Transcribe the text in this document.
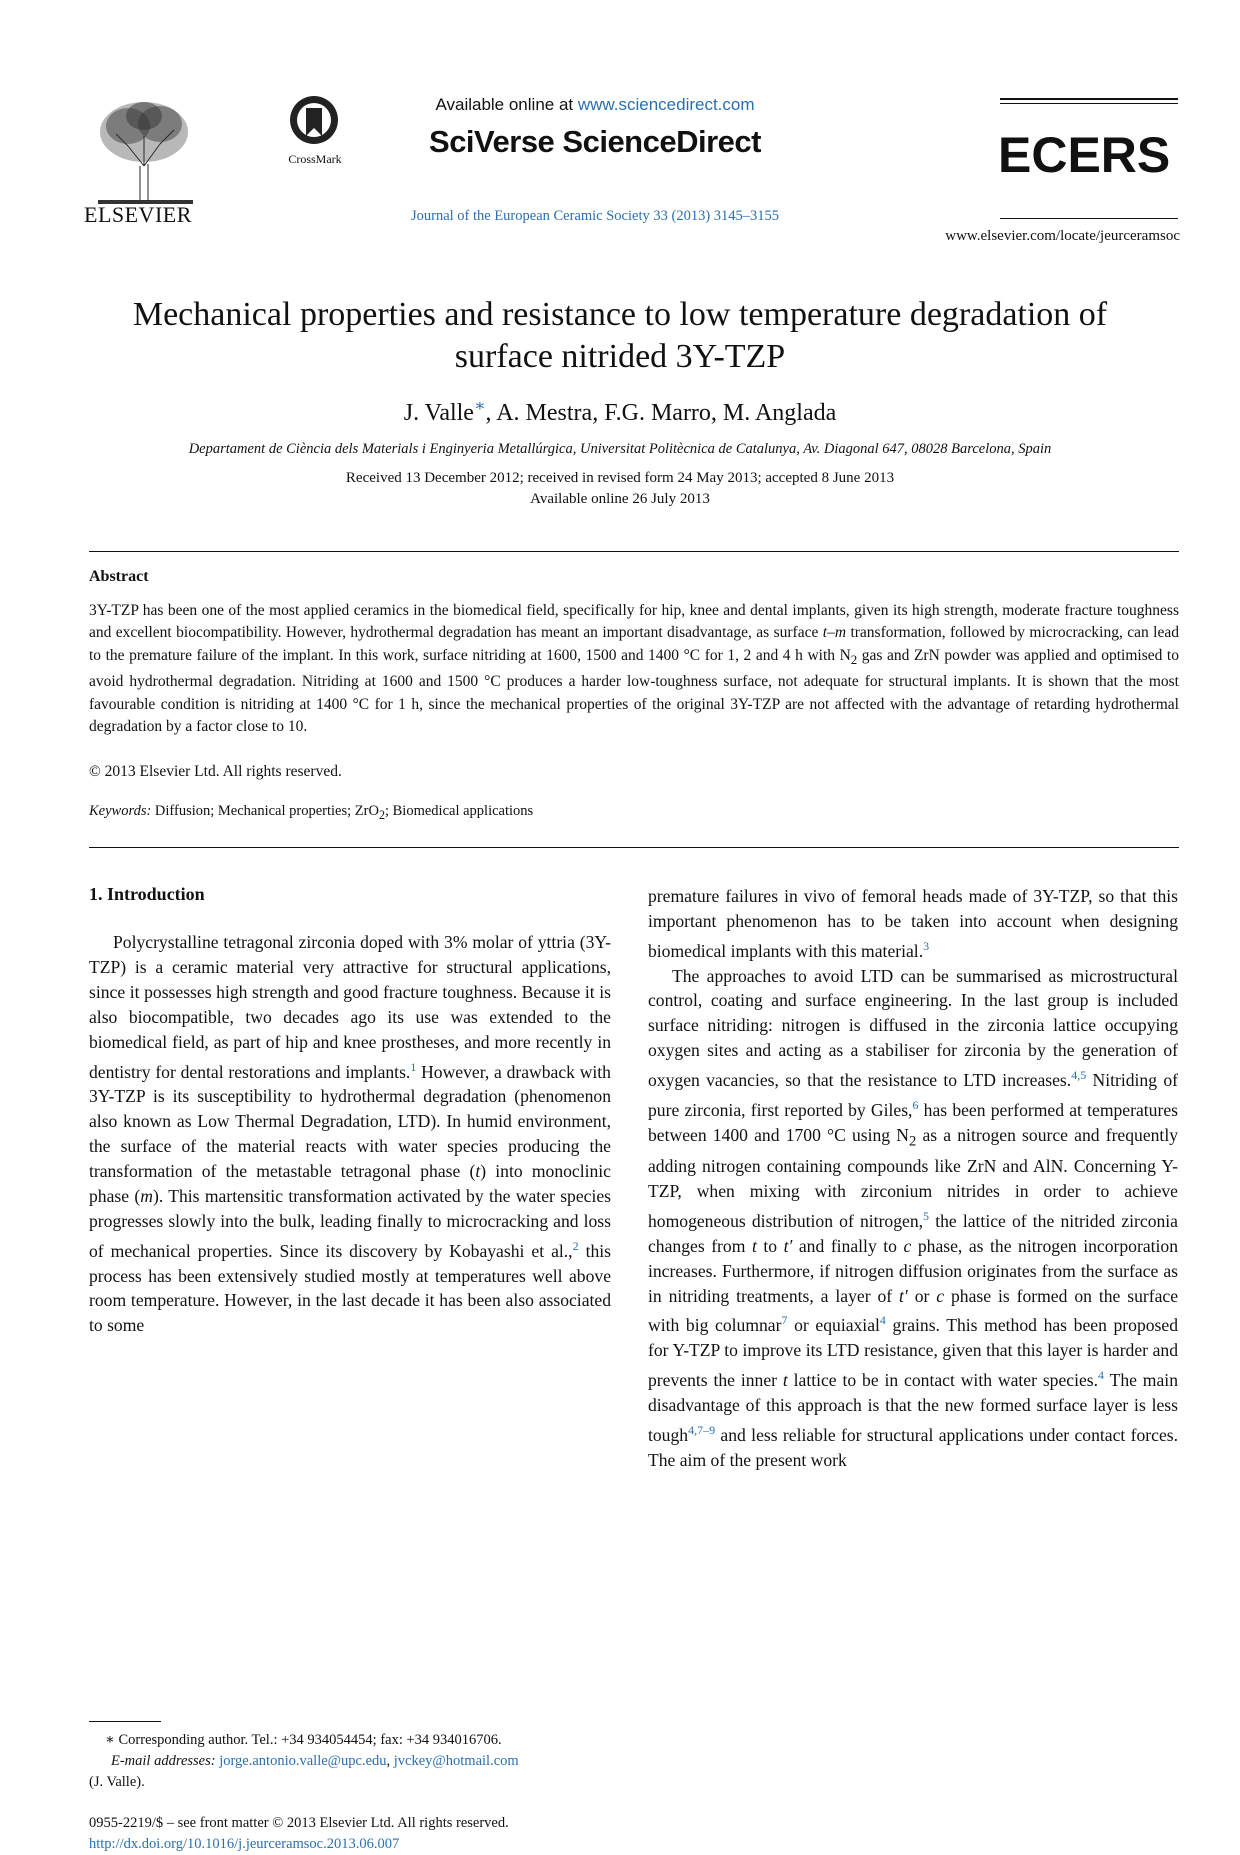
ELSEVIER
CrossMark
Available online at www.sciencedirect.com
SciVerse ScienceDirect
Journal of the European Ceramic Society 33 (2013) 3145–3155
ECERS
www.elsevier.com/locate/jeurceramsoc
Mechanical properties and resistance to low temperature degradation of surface nitrided 3Y-TZP
J. Valle∗, A. Mestra, F.G. Marro, M. Anglada
Departament de Ciència dels Materials i Enginyeria Metallúrgica, Universitat Politècnica de Catalunya, Av. Diagonal 647, 08028 Barcelona, Spain
Received 13 December 2012; received in revised form 24 May 2013; accepted 8 June 2013
Available online 26 July 2013
Abstract
3Y-TZP has been one of the most applied ceramics in the biomedical field, specifically for hip, knee and dental implants, given its high strength, moderate fracture toughness and excellent biocompatibility. However, hydrothermal degradation has meant an important disadvantage, as surface t–m transformation, followed by microcracking, can lead to the premature failure of the implant. In this work, surface nitriding at 1600, 1500 and 1400 °C for 1, 2 and 4 h with $N_2$ gas and ZrN powder was applied and optimised to avoid hydrothermal degradation. Nitriding at 1600 and 1500 °C produces a harder low-toughness surface, not adequate for structural implants. It is shown that the most favourable condition is nitriding at 1400 °C for 1 h, since the mechanical properties of the original 3Y-TZP are not affected with the advantage of retarding hydrothermal degradation by a factor close to 10.
© 2013 Elsevier Ltd. All rights reserved.
Keywords: Diffusion; Mechanical properties; ZrO$_2$; Biomedical applications
1. Introduction

Polycrystalline tetragonal zirconia doped with 3% molar of yttria (3Y-TZP) is a ceramic material very attractive for structural applications, since it possesses high strength and good fracture toughness. Because it is also biocompatible, two decades ago its use was extended to the biomedical field, as part of hip and knee prostheses, and more recently in dentistry for dental restorations and implants.$^1$ However, a drawback with 3Y-TZP is its susceptibility to hydrothermal degradation (phenomenon also known as Low Thermal Degradation, LTD). In humid environment, the surface of the material reacts with water species producing the transformation of the metastable tetragonal phase (t) into monoclinic phase (m). This martensitic transformation activated by the water species progresses slowly into the bulk, leading finally to microcracking and loss of mechanical properties. Since its discovery by Kobayashi et al.,$^2$ this process has been extensively studied mostly at temperatures well above room temperature. However, in the last decade it has been also associated to some

premature failures in vivo of femoral heads made of 3Y-TZP, so that this important phenomenon has to be taken into account when designing biomedical implants with this material.$^3$

The approaches to avoid LTD can be summarised as microstructural control, coating and surface engineering. In the last group is included surface nitriding: nitrogen is diffused in the zirconia lattice occupying oxygen sites and acting as a stabiliser for zirconia by the generation of oxygen vacancies, so that the resistance to LTD increases.$^{4,5}$ Nitriding of pure zirconia, first reported by Giles,$^6$ has been performed at temperatures between 1400 and 1700 °C using $N_2$ as a nitrogen source and frequently adding nitrogen containing compounds like ZrN and AlN. Concerning Y-TZP, when mixing with zirconium nitrides in order to achieve homogeneous distribution of nitrogen,$^5$ the lattice of the nitrided zirconia changes from t to t′ and finally to c phase, as the nitrogen incorporation increases. Furthermore, if nitrogen diffusion originates from the surface as in nitriding treatments, a layer of t′ or c phase is formed on the surface with big columnar$^7$ or equiaxial$^4$ grains. This method has been proposed for Y-TZP to improve its LTD resistance, given that this layer is harder and prevents the inner t lattice to be in contact with water species.$^4$ The main disadvantage of this approach is that the new formed surface layer is less tough$^{4,7-9}$ and less reliable for structural applications under contact forces. The aim of the present work

∗ Corresponding author. Tel.: +34 934054454; fax: +34 934016706.
E-mail addresses: jorge.antonio.valle@upc.edu, jvckey@hotmail.com
(J. Valle).
0955-2219/$ – see front matter © 2013 Elsevier Ltd. All rights reserved.
http://dx.doi.org/10.1016/j.jeurceramsoc.2013.06.007
